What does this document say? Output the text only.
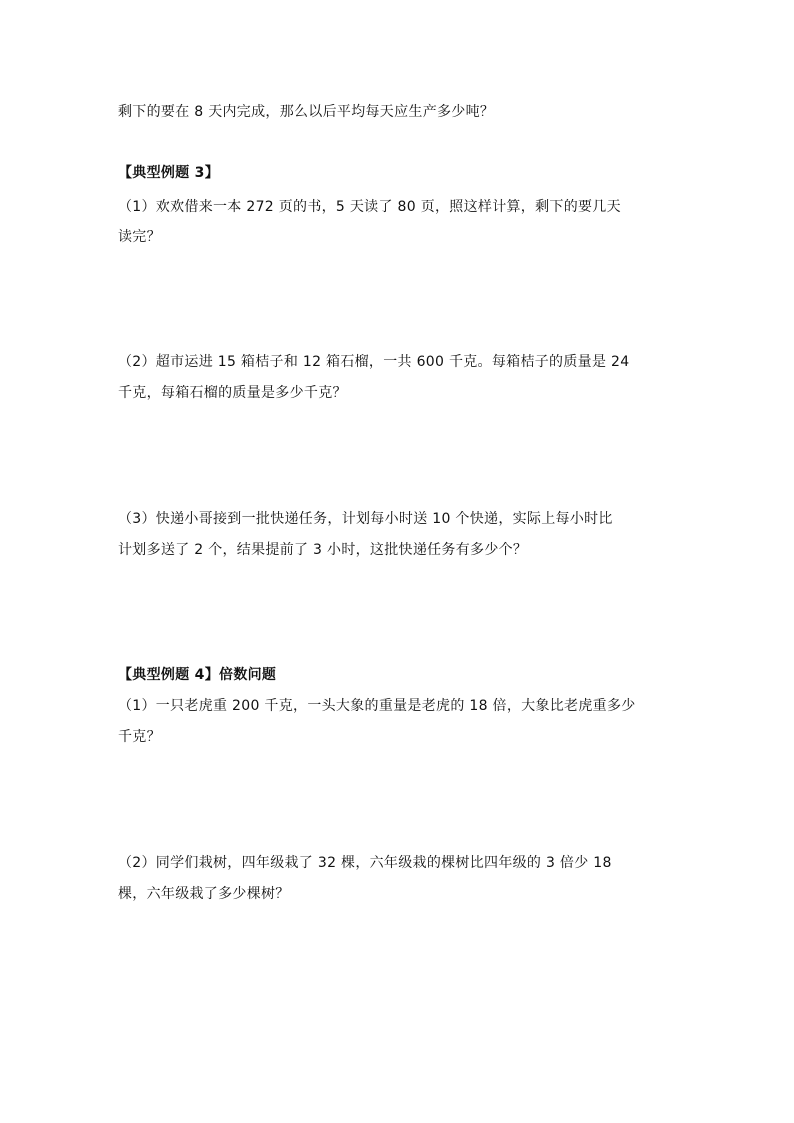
剩下的要在 8 天内完成，那么以后平均每天应生产多少吨？
【典型例题 3】
（1）欢欢借来一本 272 页的书，5 天读了 80 页，照这样计算，剩下的要几天
读完？
（2）超市运进 15 箱桔子和 12 箱石榴，一共 600 千克。每箱桔子的质量是 24
千克，每箱石榴的质量是多少千克？
（3）快递小哥接到一批快递任务，计划每小时送 10 个快递，实际上每小时比
计划多送了 2 个，结果提前了 3 小时，这批快递任务有多少个？
【典型例题 4】倍数问题
（1）一只老虎重 200 千克，一头大象的重量是老虎的 18 倍，大象比老虎重多少
千克？
（2）同学们栽树，四年级栽了 32 棵，六年级栽的棵树比四年级的 3 倍少 18
棵，六年级栽了多少棵树？
